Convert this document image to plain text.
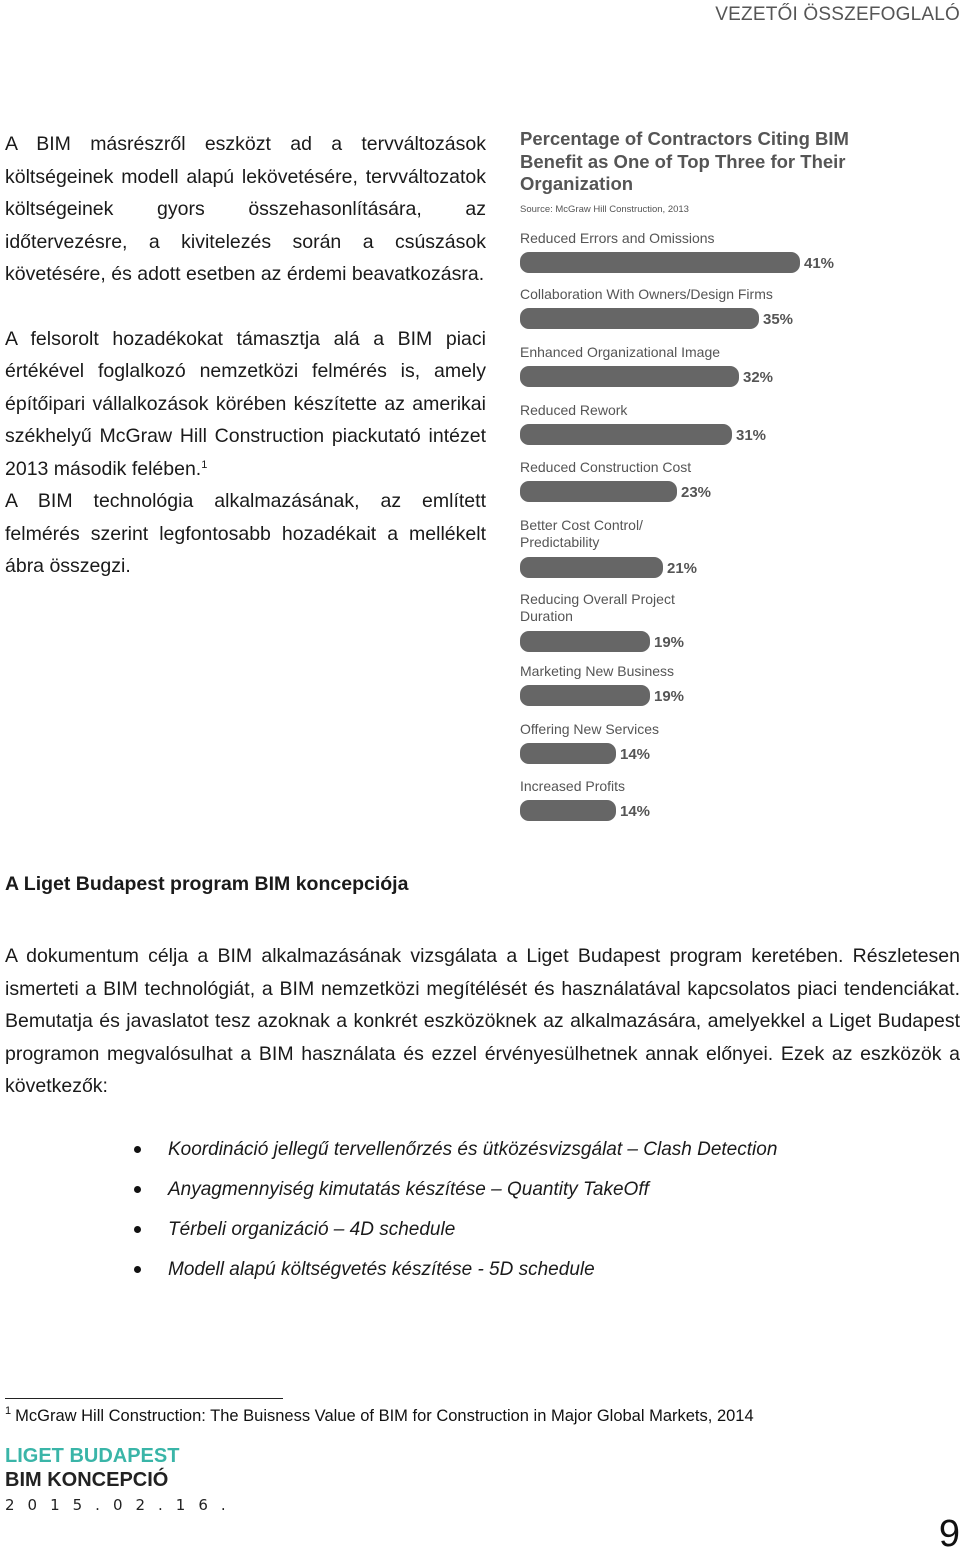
VEZETŐI ÖSSZEFOGLALÓ

A BIM másrészről eszközt ad a tervváltozások költségeinek modell alapú lekövetésére, tervváltozatok költségeinek gyors összehasonlítására, az időtervezésre, a kivitelezés során a csúszások követésére, és adott esetben az érdemi beavatkozásra.

A felsorolt hozadékokat támasztja alá a BIM piaci értékével foglalkozó nemzetközi felmérés is, amely építőipari vállalkozások körében készítette az amerikai székhelyű McGraw Hill Construction piackutató intézet 2013 második felében.$^1$

A BIM technológia alkalmazásának, az említett felmérés szerint legfontosabb hozadékait a mellékelt ábra összegzi.

Percentage of Contractors Citing BIM Benefit as One of Top Three for Their Organization
Source: McGraw Hill Construction, 2013
Reduced Errors and Omissions
41%
Collaboration With Owners/Design Firms
35%
Enhanced Organizational Image
32%
Reduced Rework
31%
Reduced Construction Cost
23%
Better Cost Control/
Predictability
21%
Reducing Overall Project
Duration
19%
Marketing New Business
19%
Offering New Services
14%
Increased Profits
14%
A Liget Budapest program BIM koncepciója
A dokumentum célja a BIM alkalmazásának vizsgálata a Liget Budapest program keretében. Részletesen ismerteti a BIM technológiát, a BIM nemzetközi megítélését és használatával kapcsolatos piaci tendenciákat. Bemutatja és javaslatot tesz azoknak a konkrét eszközöknek az alkalmazására, amelyekkel a Liget Budapest programon megvalósulhat a BIM használata és ezzel érvényesülhetnek annak előnyei. Ezek az eszközök a következők:
Koordináció jellegű tervellenőrzés és ütközésvizsgálat – Clash Detection
Anyagmennyiség kimutatás készítése – Quantity TakeOff
Térbeli organizáció – 4D schedule
Modell alapú költségvetés készítése - 5D schedule
$^1$ McGraw Hill Construction: The Buisness Value of BIM for Construction in Major Global Markets, 2014
LIGET BUDAPEST
BIM KONCEPCIÓ
2015.02.16.
9
